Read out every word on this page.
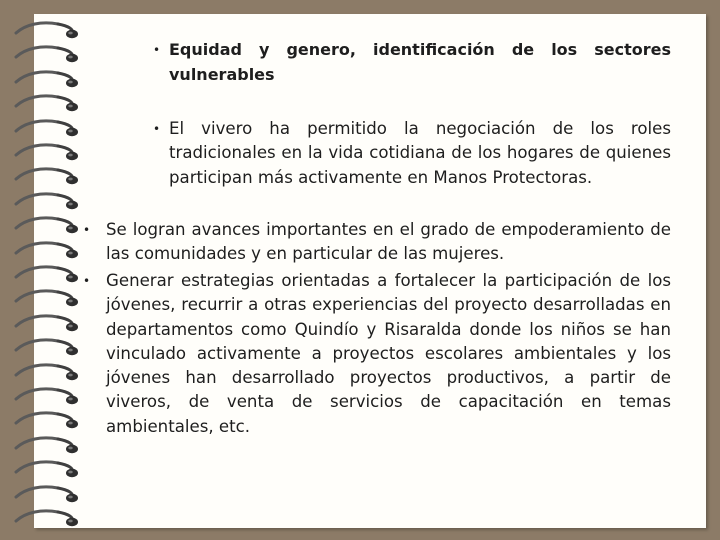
• Equidad y genero, identificación de los sectores vulnerables
• El vivero ha permitido la negociación de los roles tradicionales en la vida cotidiana de los hogares de quienes participan más activamente en Manos Protectoras.
• Se logran avances importantes en el grado de empoderamiento de las comunidades y en particular de las mujeres.
• Generar estrategias orientadas a fortalecer la participación de los jóvenes, recurrir a otras experiencias del proyecto desarrolladas en departamentos como Quindío y Risaralda donde los niños se han vinculado activamente a proyectos escolares ambientales y los jóvenes han desarrollado proyectos productivos, a partir de viveros, de venta de servicios de capacitación en temas ambientales, etc.
